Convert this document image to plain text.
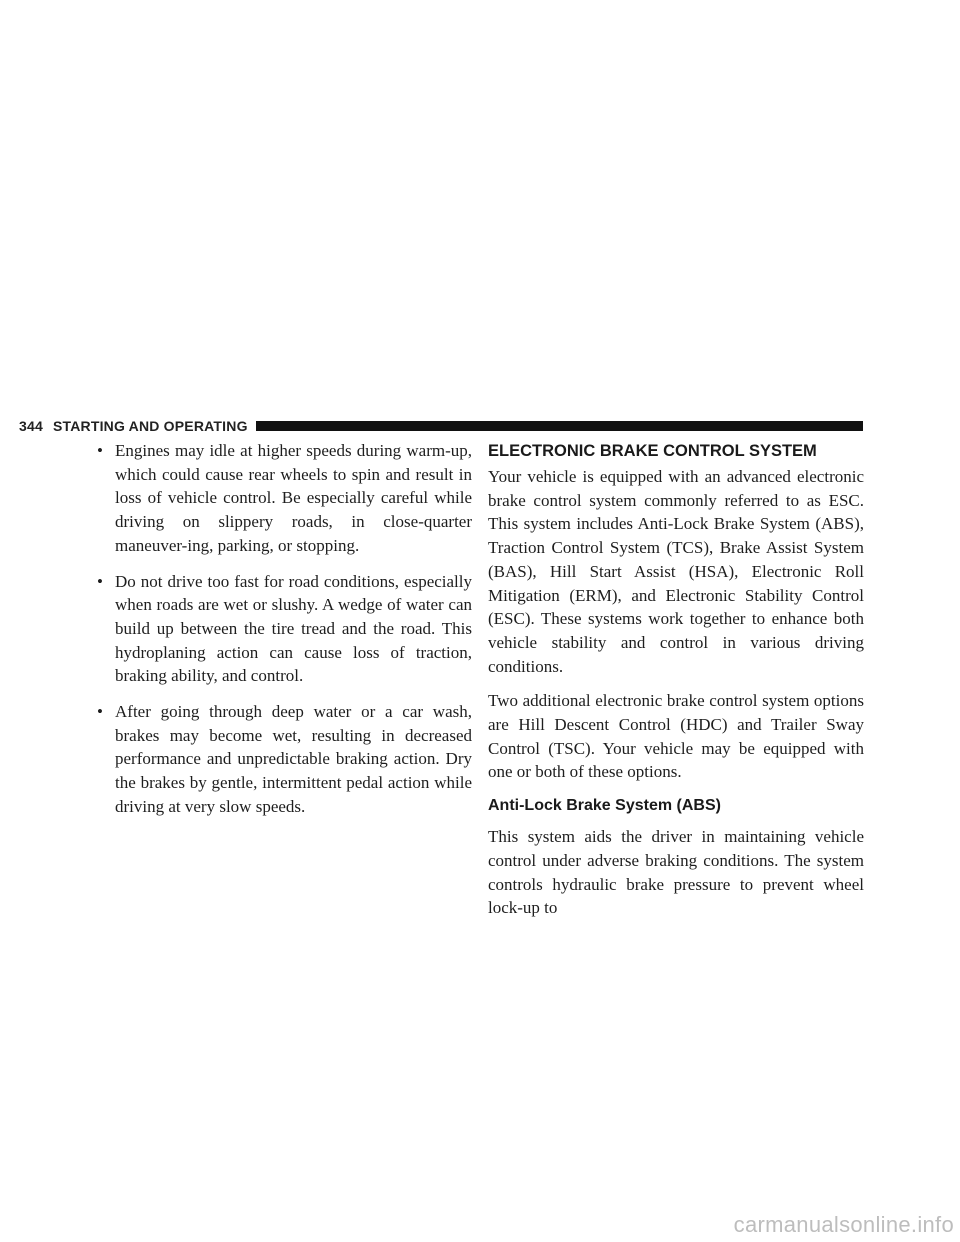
344 STARTING AND OPERATING
• Engines may idle at higher speeds during warm-up, which could cause rear wheels to spin and result in loss of vehicle control. Be especially careful while driving on slippery roads, in close-quarter maneuver-ing, parking, or stopping.
• Do not drive too fast for road conditions, especially when roads are wet or slushy. A wedge of water can build up between the tire tread and the road. This hydroplaning action can cause loss of traction, braking ability, and control.
• After going through deep water or a car wash, brakes may become wet, resulting in decreased performance and unpredictable braking action. Dry the brakes by gentle, intermittent pedal action while driving at very slow speeds.
ELECTRONIC BRAKE CONTROL SYSTEM

Your vehicle is equipped with an advanced electronic brake control system commonly referred to as ESC. This system includes Anti-Lock Brake System (ABS), Traction Control System (TCS), Brake Assist System (BAS), Hill Start Assist (HSA), Electronic Roll Mitigation (ERM), and Electronic Stability Control (ESC). These systems work together to enhance both vehicle stability and control in various driving conditions.

Two additional electronic brake control system options are Hill Descent Control (HDC) and Trailer Sway Control (TSC). Your vehicle may be equipped with one or both of these options.

Anti-Lock Brake System (ABS)

This system aids the driver in maintaining vehicle control under adverse braking conditions. The system controls hydraulic brake pressure to prevent wheel lock-up to

carmanualsonline.info
